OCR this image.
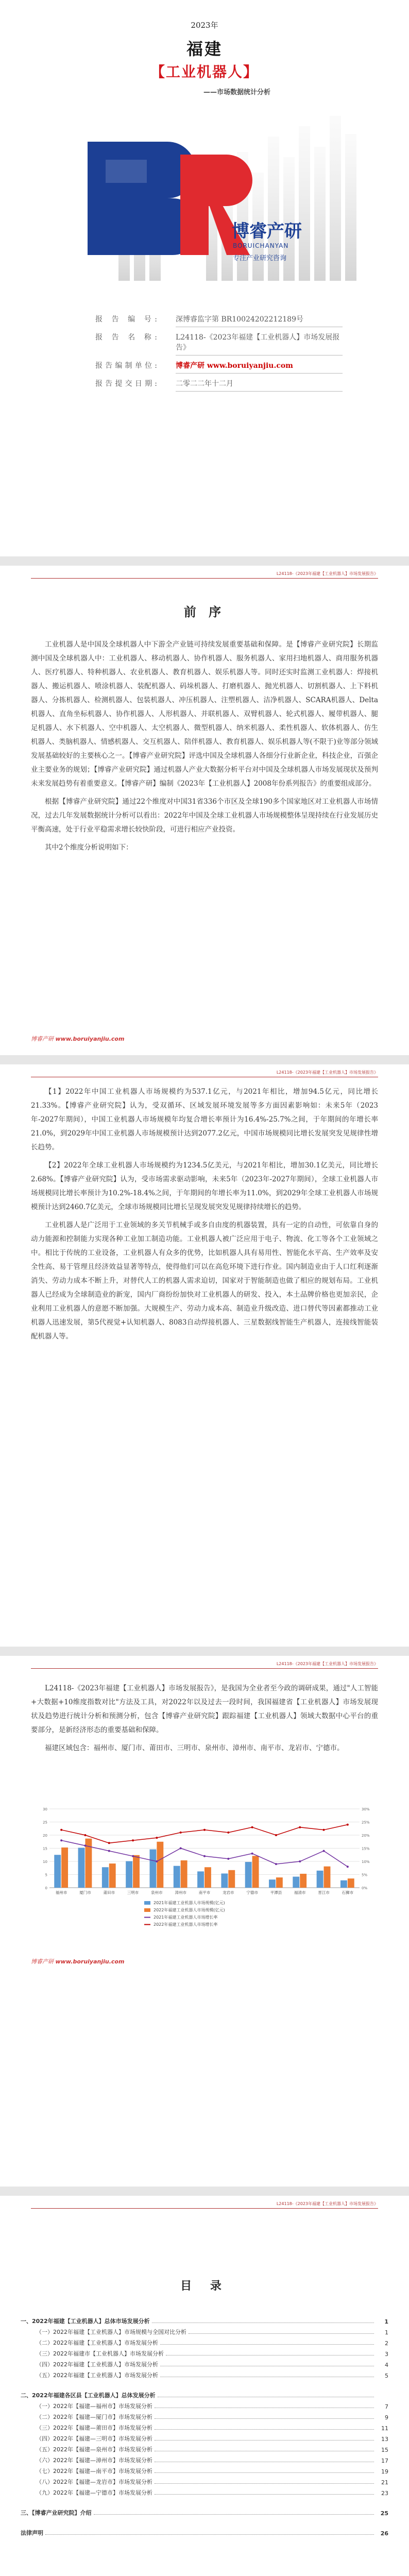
2023年
福建
【工业机器人】
——市场数据统计分析
博睿产研
BORUICHANYAN
专注产业研究咨询
报 告 编 号:	深博睿监字第 BR10024202212189号
报 告 名 称:	L24118-《2023年福建【工业机器人】市场发展报告》
报告编制单位:	博睿产研 www.boruiyanjiu.com
报告提交日期:	二零二二年十二月
L24118-《2023年福建【工业机器人】市场发展报告》
前 序

工业机器人是中国及全球机器人中下游全产业链可持续发展重要基础和保障。是【博睿产业研究院】长期监测中国及全球机器人中：工业机器人、移动机器人、协作机器人、服务机器人、家用扫地机器人、商用服务机器人、医疗机器人、特种机器人、农业机器人、教育机器人、娱乐机器人等。同时还实时监测工业机器人：焊接机器人、搬运机器人、喷涂机器人、装配机器人、码垛机器人、打磨机器人、抛光机器人、切割机器人、上下料机器人、分拣机器人、检测机器人、包装机器人、冲压机器人、注塑机器人、洁净机器人、SCARA机器人、Delta机器人、直角坐标机器人、协作机器人、人形机器人、并联机器人、双臂机器人、轮式机器人、履带机器人、腿足机器人、水下机器人、空中机器人、太空机器人、微型机器人、纳米机器人、柔性机器人、软体机器人、仿生机器人、类脑机器人、情感机器人、交互机器人、陪伴机器人、教育机器人、娱乐机器人等(不限于)业等部分领域发展基础较好的主要核心之一。【博睿产业研究院】评选中国及全球机器人各细分行业新企业，科技企业，百强企业主要业务的规划；【博睿产业研究院】通过机器人产业大数据分析平台对中国及全球机器人市场发展现状及预判未来发展趋势有着重要意义。【博睿产研】编制《2023年【工业机器人】2008年份系列报告》的重要组成部分。

根据【博睿产业研究院】通过22个维度对中国31省336个市区及全球190多个国家地区对工业机器人市场情况，过去几年发展数据统计分析可以看出：2022年中国及全球工业机器人市场规模整体呈现持续在行业发展历史平衡高速，处于行业平稳需求增长较快阶段，可进行相应产业投资。

其中2个维度分析说明如下：

博睿产研 www.boruiyanjiu.com
L24118-《2023年福建【工业机器人】市场发展报告》

【1】2022年中国工业机器人市场规模约为537.1亿元，与2021年相比，增加94.5亿元，同比增长21.33%。【博睿产业研究院】认为，受双循环、区域发展环境发展等多方面因素影响如：未来5年（2023年-2027年期间），中国工业机器人市场规模年均复合增长率预计为16.4%-25.7%之间，于年期间的年增长率21.0%，到2029年中国工业机器人市场规模预计达到2077.2亿元，中国市场规模同比增长发展突发见规律性增长趋势。

【2】2022年全球工业机器人市场规模约为1234.5亿美元，与2021年相比，增加30.1亿美元，同比增长2.68%。【博睿产业研究院】认为，受市场需求驱动影响，未来5年（2023年-2027年期间），全球工业机器人市场规模同比增长率预计为10.2%-18.4%之间，于年期间的年增长率为11.0%，到2029年全球工业机器人市场规模预计达到2460.7亿美元，全球市场规模同比增长呈现发展突发见规律持续增长的趋势。

工业机器人是广泛用于工业领域的多关节机械手或多自由度的机器装置，具有一定的自动性，可依靠自身的动力能源和控制能力实现各种工业加工制造功能。工业机器人被广泛应用于电子、物流、化工等各个工业领域之中。相比于传统的工业设备，工业机器人有众多的优势，比如机器人具有易用性、智能化水平高、生产效率及安全性高、易于管理且经济效益显著等特点，使得他们可以在高危环境下进行作业。国内制造业由于人口红利逐渐消失、劳动力成本不断上升，对替代人工的机器人需求迫切，国家对于智能制造也做了相应的规划布局。工业机器人已经成为全球制造业的新宠，国内厂商纷纷加快对工业机器人的研发、投入，本土品牌价格也更加亲民，企业利用工业机器人的意愿不断加强。大规模生产、劳动力成本高、制造业升级改造、进口替代等因素都推动工业机器人迅速发展，第5代视觉+认知机器人、8083自动焊接机器人、三星数据线智能生产机器人，连接线智能装配机器人等。

L24118-《2023年福建【工业机器人】市场发展报告》

L24118-《2023年福建【工业机器人】市场发展报告》，是我国为全业者至今政的调研成果，通过"人工智能+大数据+10维度指数对比"方法及工具，对2022年以及过去一段时间，我国福建省【工业机器人】市场发展现状及趋势进行统计分析和预测分析，包含【博睿产业研究院】跟踪福建【工业机器人】领域大数据中心平台的重要部分，是新经济形态的重要基础和保障。

福建区域包含：福州市、厦门市、莆田市、三明市、泉州市、漳州市、南平市、龙岩市、宁德市。

0	0%
5	5%
10	10%
15	15%
20	20%
25	25%
30	30%
福州市	厦门市	莆田市	三明市	泉州市	漳州市	南平市	龙岩市	宁德市	平潭县	福清市	晋江市	石狮市
2021年福建工业机器人市场规模(亿元)
2022年福建工业机器人市场规模(亿元)
2021年福建工业机器人市场增长率
2022年福建工业机器人市场增长率
博睿产研 www.boruiyanjiu.com
L24118-《2023年福建【工业机器人】市场发展报告》
目 录
一、2022年福建【工业机器人】总体市场发展分析	1
（一）2022年福建【工业机器人】市场规模与全国对比分析	1
（二）2022年福建【工业机器人】市场发展分析	2
（三）2022年福建市【工业机器人】市场发展分析	3
（四）2022年福建【工业机器人】市场发展分析	4
（五）2022年福建【工业机器人】市场发展分析	5
二、2022年福建各区县【工业机器人】总体发展分析
（一）2022年【福建—福州市】市场发展分析	7
（二）2022年【福建—厦门市】市场发展分析	9
（三）2022年【福建—莆田市】市场发展分析	11
（四）2022年【福建—三明市】市场发展分析	13
（五）2022年【福建—泉州市】市场发展分析	15
（六）2022年【福建—漳州市】市场发展分析	17
（七）2022年【福建—南平市】市场发展分析	19
（八）2022年【福建—龙岩市】市场发展分析	21
（九）2022年【福建—宁德市】市场发展分析	23
三、【博睿产业研究院】介绍	25
法律声明	26
